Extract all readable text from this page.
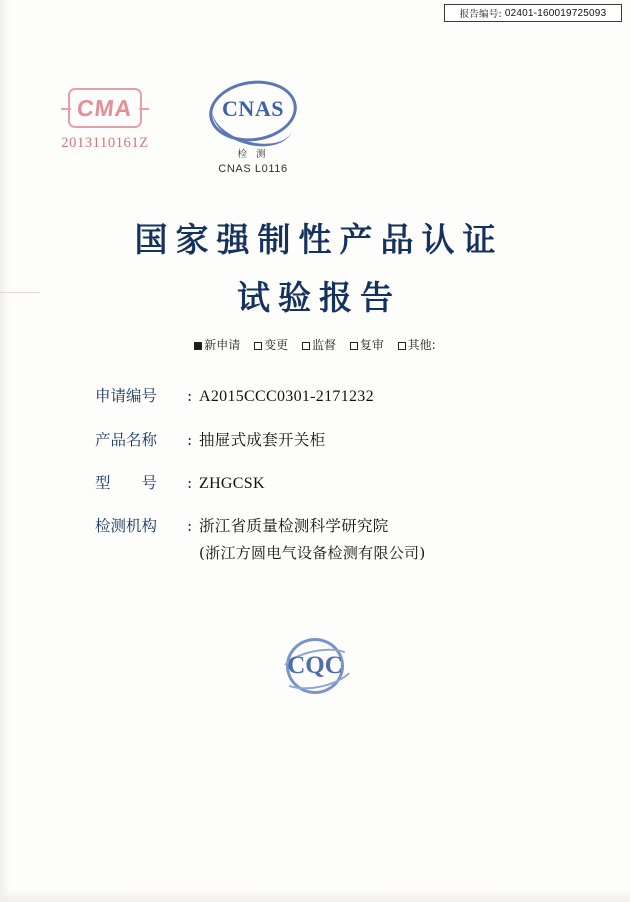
报告编号: 02401-160019725093
CMA
2013110161Z
CNAS
检 测
CNAS L0116
国家强制性产品认证
试验报告
新申请 变更 监督 复审 其他:
申请编号	: A2015CCC0301-2171232
产品名称	: 抽屉式成套开关柜
型　　号	: ZHGCSK
检测机构	: 浙江省质量检测科学研究院
(浙江方圆电气设备检测有限公司)
CQC
